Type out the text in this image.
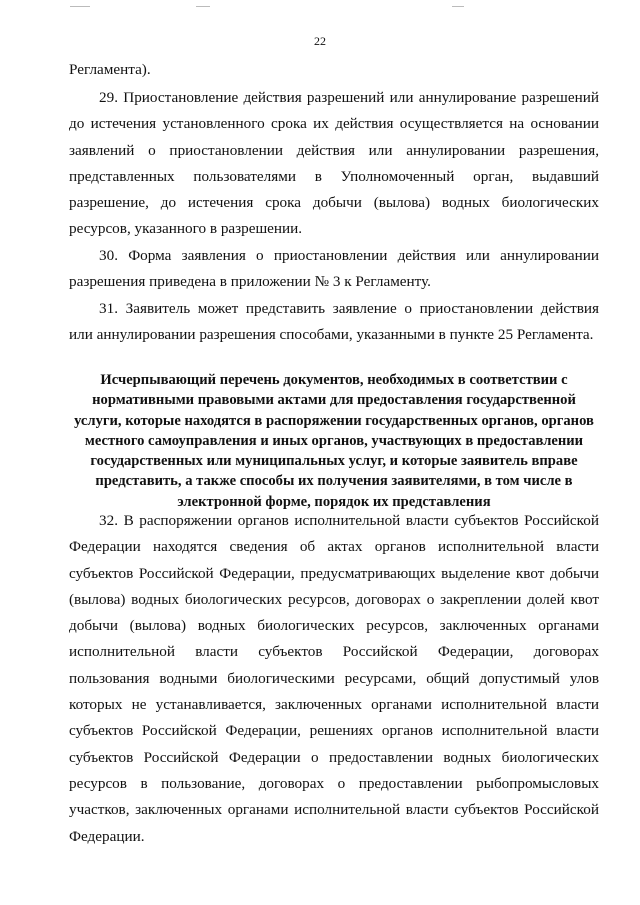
22

Регламента).

29. Приостановление действия разрешений или аннулирование разрешений до истечения установленного срока их действия осуществляется на основании заявлений о приостановлении действия или аннулировании разрешения, представленных пользователями в Уполномоченный орган, выдавший разрешение, до истечения срока добычи (вылова) водных биологических ресурсов, указанного в разрешении.

30. Форма заявления о приостановлении действия или аннулировании разрешения приведена в приложении № 3 к Регламенту.

31. Заявитель может представить заявление о приостановлении действия или аннулировании разрешения способами, указанными в пункте 25 Регламента.

Исчерпывающий перечень документов, необходимых в соответствии с нормативными правовыми актами для предоставления государственной услуги, которые находятся в распоряжении государственных органов, органов местного самоуправления и иных органов, участвующих в предоставлении государственных или муниципальных услуг, и которые заявитель вправе представить, а также способы их получения заявителями, в том числе в электронной форме, порядок их представления

32. В распоряжении органов исполнительной власти субъектов Российской Федерации находятся сведения об актах органов исполнительной власти субъектов Российской Федерации, предусматривающих выделение квот добычи (вылова) водных биологических ресурсов, договорах о закреплении долей квот добычи (вылова) водных биологических ресурсов, заключенных органами исполнительной власти субъектов Российской Федерации, договорах пользования водными биологическими ресурсами, общий допустимый улов которых не устанавливается, заключенных органами исполнительной власти субъектов Российской Федерации, решениях органов исполнительной власти субъектов Российской Федерации о предоставлении водных биологических ресурсов в пользование, договорах о предоставлении рыбопромысловых участков, заключенных органами исполнительной власти субъектов Российской Федерации.
